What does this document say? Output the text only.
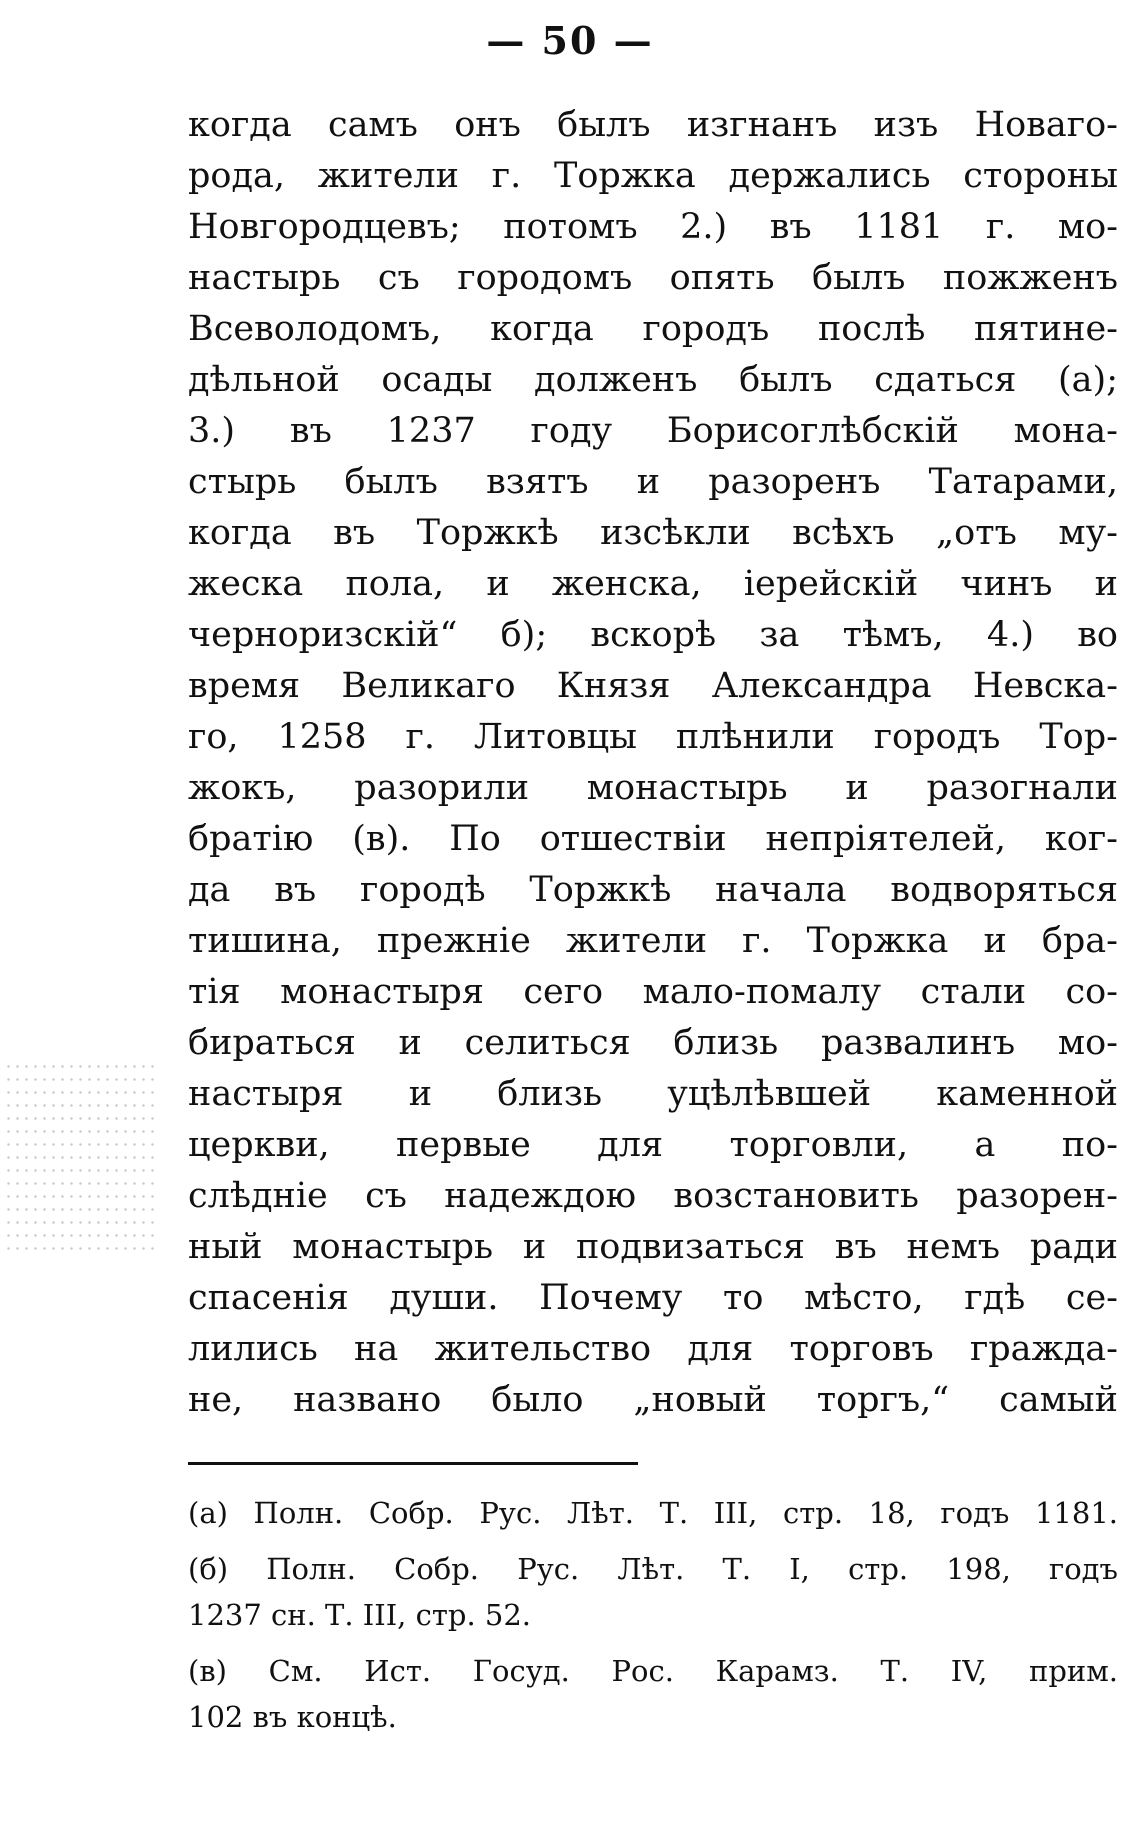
— 50 —
когда самъ онъ былъ изгнанъ изъ Новаго-
рода, жители г. Торжка держались стороны
Новгородцевъ; потомъ 2.) въ 1181 г. мо-
настырь съ городомъ опять былъ пожженъ
Всеволодомъ, когда городъ послѣ пятине-
дѣльной осады долженъ былъ сдаться (а);
3.) въ 1237 году Борисоглѣбскій мона-
стырь былъ взятъ и разоренъ Татарами,
когда въ Торжкѣ изсѣкли всѣхъ „отъ му-
жеска пола, и женска, іерейскій чинъ и
черноризскій“ б); вскорѣ за тѣмъ, 4.) во
время Великаго Князя Александра Невска-
го, 1258 г. Литовцы плѣнили городъ Тор-
жокъ, разорили монастырь и разогнали
братію (в). По отшествіи непріятелей, ког-
да въ городѣ Торжкѣ начала водворяться
тишина, прежніе жители г. Торжка и бра-
тія монастыря сего мало-помалу стали со-
бираться и селиться близь развалинъ мо-
настыря и близь уцѣлѣвшей каменной
церкви, первые для торговли, а по-
слѣдніе съ надеждою возстановить разорен-
ный монастырь и подвизаться въ немъ ради
спасенія души. Почему то мѣсто, гдѣ се-
лились на жительство для торговъ гражда-
не, названо было „новый торгъ,“ самый
(а) Полн. Собр. Рус. Лѣт. Т. III, стр. 18, годъ 1181.
(б) Полн. Собр. Рус. Лѣт. Т. I, стр. 198, годъ
1237 сн. Т. III, стр. 52.
(в) См. Ист. Госуд. Рос. Карамз. Т. IV, прим.
102 въ концѣ.
